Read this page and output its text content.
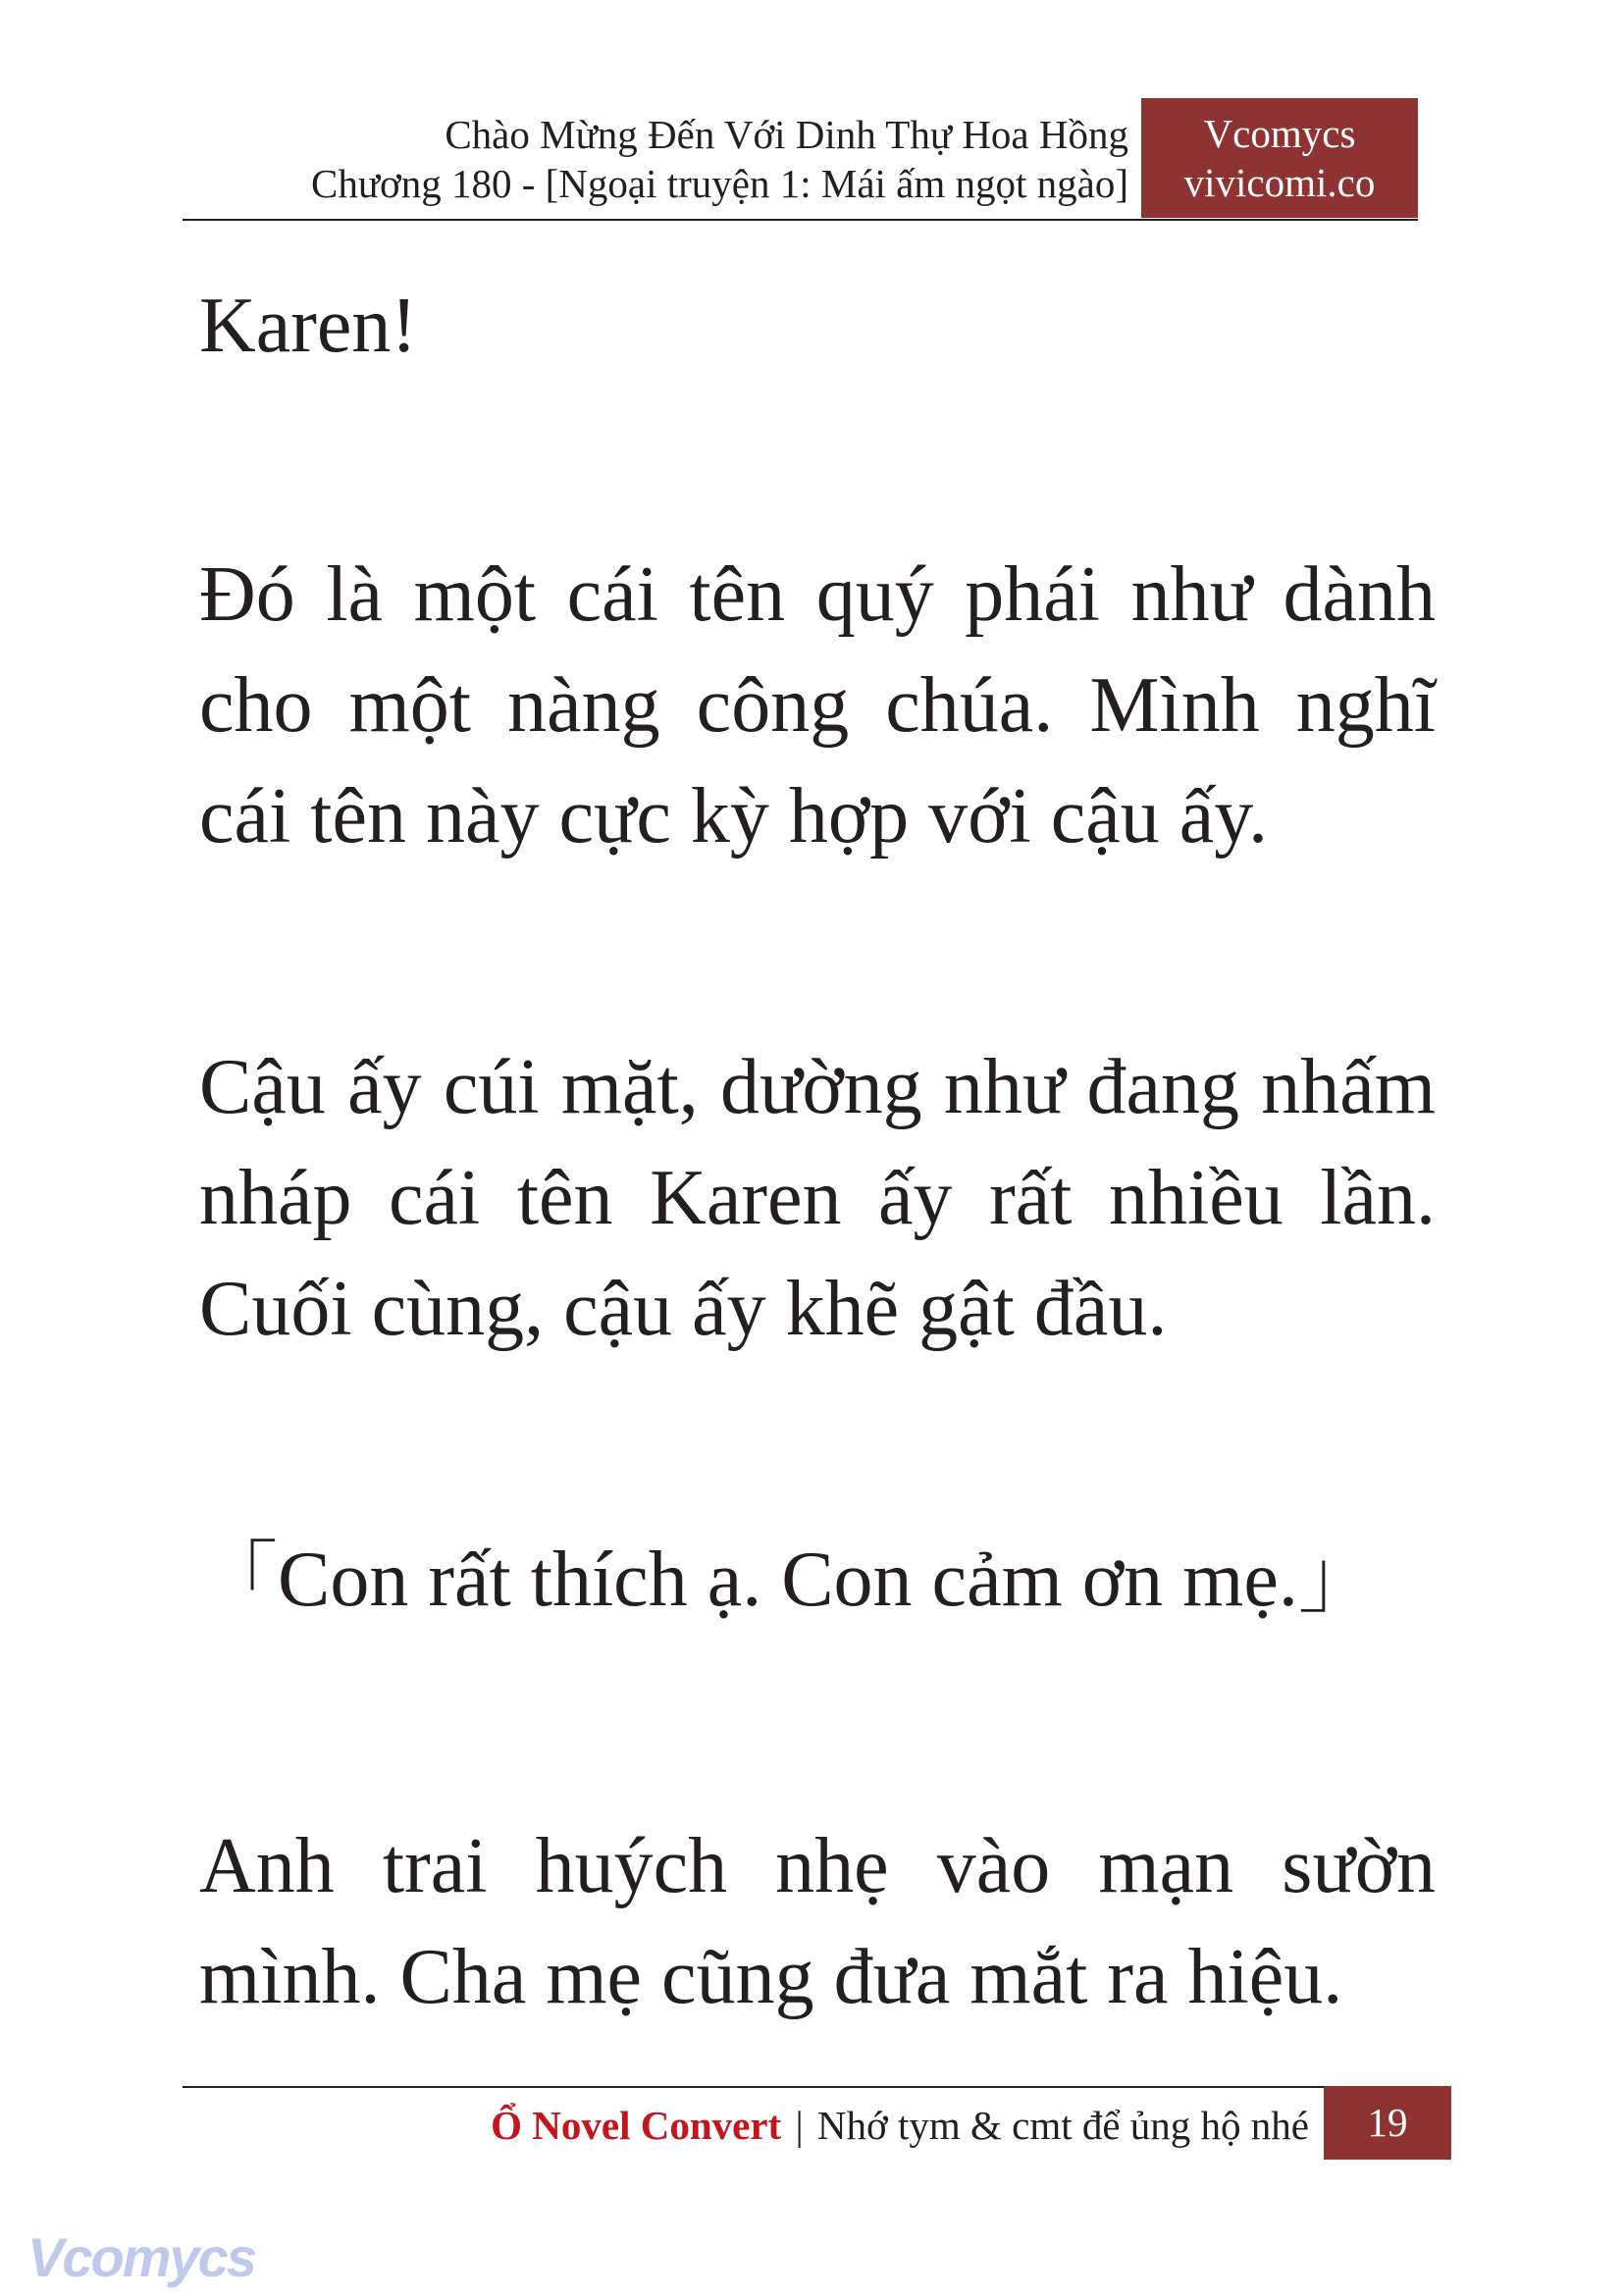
Chào Mừng Đến Với Dinh Thự Hoa Hồng
Chương 180 - [Ngoại truyện 1: Mái ấm ngọt ngào]
Vcomycs
vivicomi.co

Karen!

Đó là một cái tên quý phái như dành cho một nàng công chúa. Mình nghĩ cái tên này cực kỳ hợp với cậu ấy.

Cậu ấy cúi mặt, dường như đang nhấm nháp cái tên Karen ấy rất nhiều lần. Cuối cùng, cậu ấy khẽ gật đầu.

「Con rất thích ạ. Con cảm ơn mẹ.」

Anh trai huých nhẹ vào mạn sườn mình. Cha mẹ cũng đưa mắt ra hiệu.

Ổ Novel Convert | Nhớ tym & cmt để ủng hộ nhé	19
Vcomycs
